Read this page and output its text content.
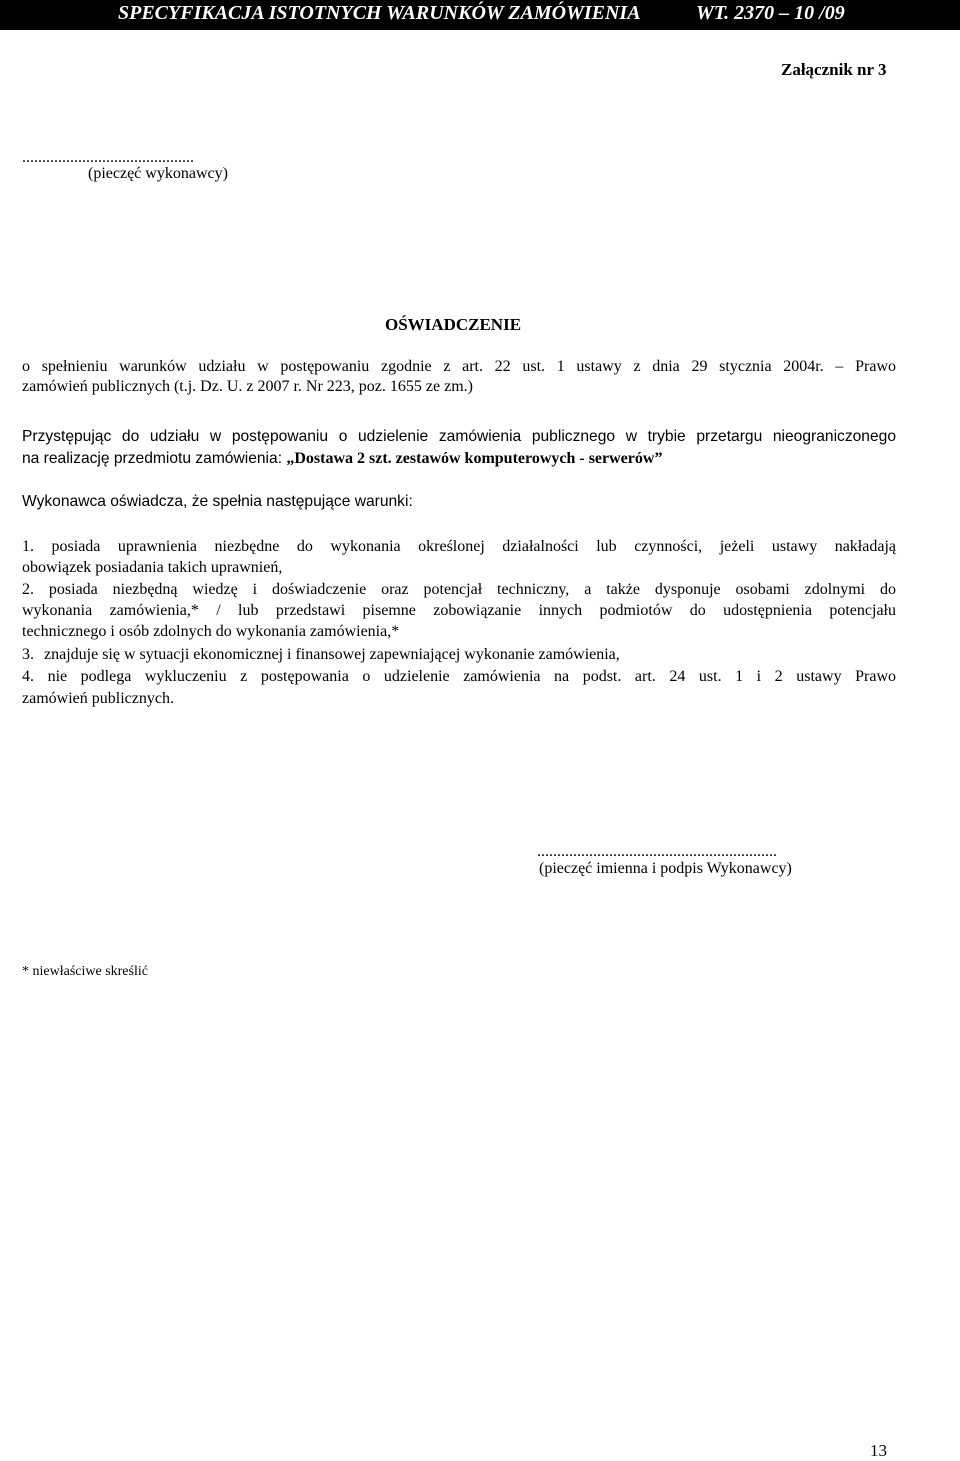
SPECYFIKACJA ISTOTNYCH WARUNKÓW ZAMÓWIENIA	WT. 2370 – 10 /09
Załącznik nr 3
...........................................
(pieczęć wykonawcy)
OŚWIADCZENIE
o spełnieniu warunków udziału w postępowaniu zgodnie z art. 22 ust. 1 ustawy z dnia 29 stycznia 2004r. – Prawo
zamówień publicznych (t.j. Dz. U. z 2007 r. Nr 223, poz. 1655 ze zm.)
Przystępując do udziału w postępowaniu o udzielenie zamówienia publicznego w trybie przetargu nieograniczonego
na realizację przedmiotu zamówienia: „Dostawa 2 szt. zestawów komputerowych - serwerów”
Wykonawca oświadcza, że spełnia następujące warunki:
1. posiada uprawnienia niezbędne do wykonania określonej działalności lub czynności, jeżeli ustawy nakładają
obowiązek posiadania takich uprawnień,
2. posiada niezbędną wiedzę i doświadczenie oraz potencjał techniczny, a także dysponuje osobami zdolnymi do
wykonania zamówienia,* / lub przedstawi pisemne zobowiązanie innych podmiotów do udostępnienia potencjału
technicznego i osób zdolnych do wykonania zamówienia,*
3. znajduje się w sytuacji ekonomicznej i finansowej zapewniającej wykonanie zamówienia,
4. nie podlega wykluczeniu z postępowania o udzielenie zamówienia na podst. art. 24 ust. 1 i 2 ustawy Prawo
zamówień publicznych.
............................................................
(pieczęć imienna i podpis Wykonawcy)
* niewłaściwe skreślić
13
